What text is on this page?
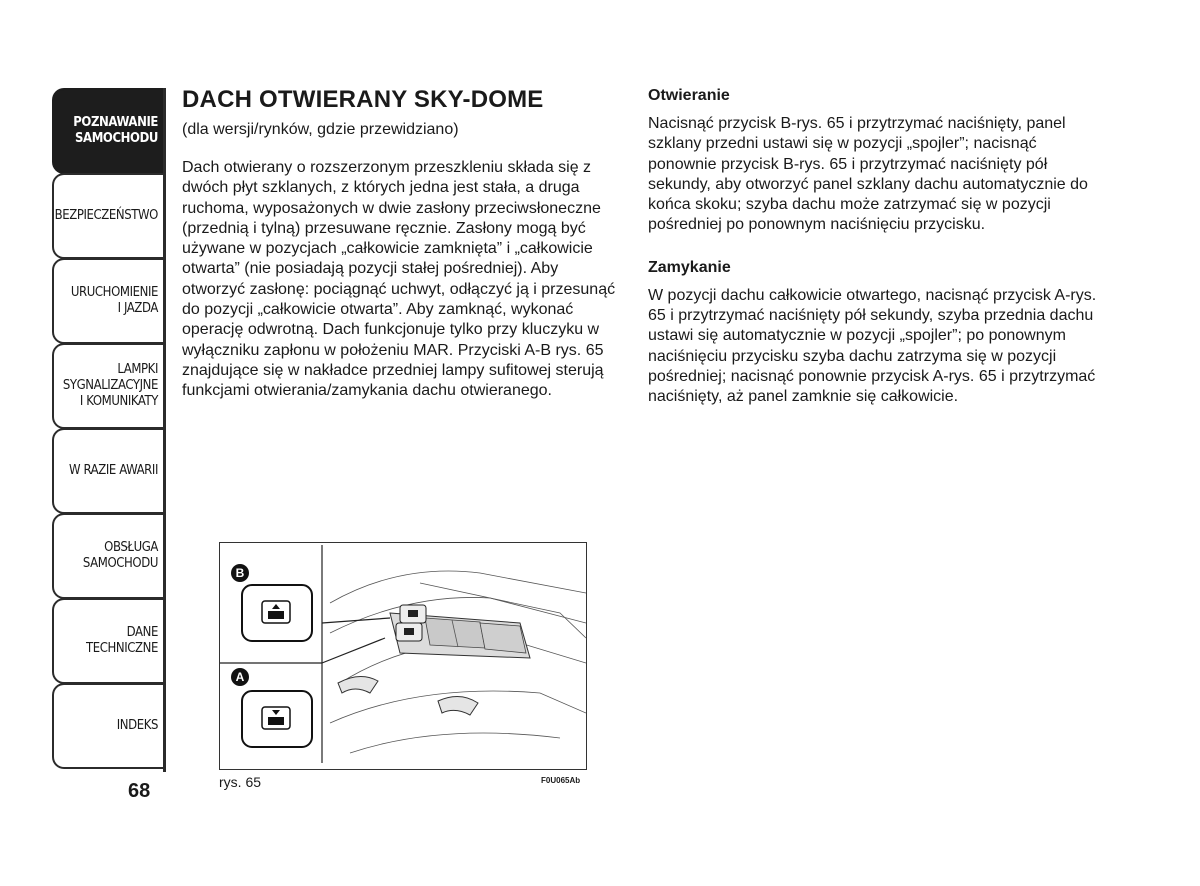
POZNAWANIE
SAMOCHODU
BEZPIECZEŃSTWO
URUCHOMIENIE
I JAZDA
LAMPKI
SYGNALIZACYJNE
I KOMUNIKATY
W RAZIE AWARII
OBSŁUGA
SAMOCHODU
DANE
TECHNICZNE
INDEKS
68
DACH OTWIERANY SKY-DOME
(dla wersji/rynków, gdzie przewidziano)
Dach otwierany o rozszerzonym przeszkleniu składa się z dwóch płyt szklanych, z których jedna jest stała, a druga ruchoma, wyposażonych w dwie zasłony przeciwsłoneczne (przednią i tylną) przesuwane ręcznie. Zasłony mogą być używane w pozycjach „całkowicie zamknięta” i „całkowicie otwarta” (nie posiadają pozycji stałej pośredniej). Aby otworzyć zasłonę: pociągnąć uchwyt, odłączyć ją i przesunąć do pozycji „całkowicie otwarta”. Aby zamknąć, wykonać operację odwrotną. Dach funkcjonuje tylko przy kluczyku w wyłączniku zapłonu w położeniu MAR. Przyciski A-B rys. 65 znajdujące się w nakładce przedniej lampy sufitowej sterują funkcjami otwierania/zamykania dachu otwieranego.
Otwieranie

Nacisnąć przycisk B-rys. 65 i przytrzymać naciśnięty, panel szklany przedni ustawi się w pozycji „spojler”; nacisnąć ponownie przycisk B-rys. 65 i przytrzymać naciśnięty pół sekundy, aby otworzyć panel szklany dachu automatycznie do końca skoku; szyba dachu może zatrzymać się w pozycji pośredniej po ponownym naciśnięciu przycisku.

Zamykanie

W pozycji dachu całkowicie otwartego, nacisnąć przycisk A-rys. 65 i przytrzymać naciśnięty pół sekundy, szyba przednia dachu ustawi się automatycznie w pozycji „spojler”; po ponownym naciśnięciu przycisku szyba dachu zatrzyma się w pozycji pośredniej; nacisnąć ponownie przycisk A-rys. 65 i przytrzymać naciśnięty, aż panel zamknie się całkowicie.

B
A
rys. 65	F0U065Ab
